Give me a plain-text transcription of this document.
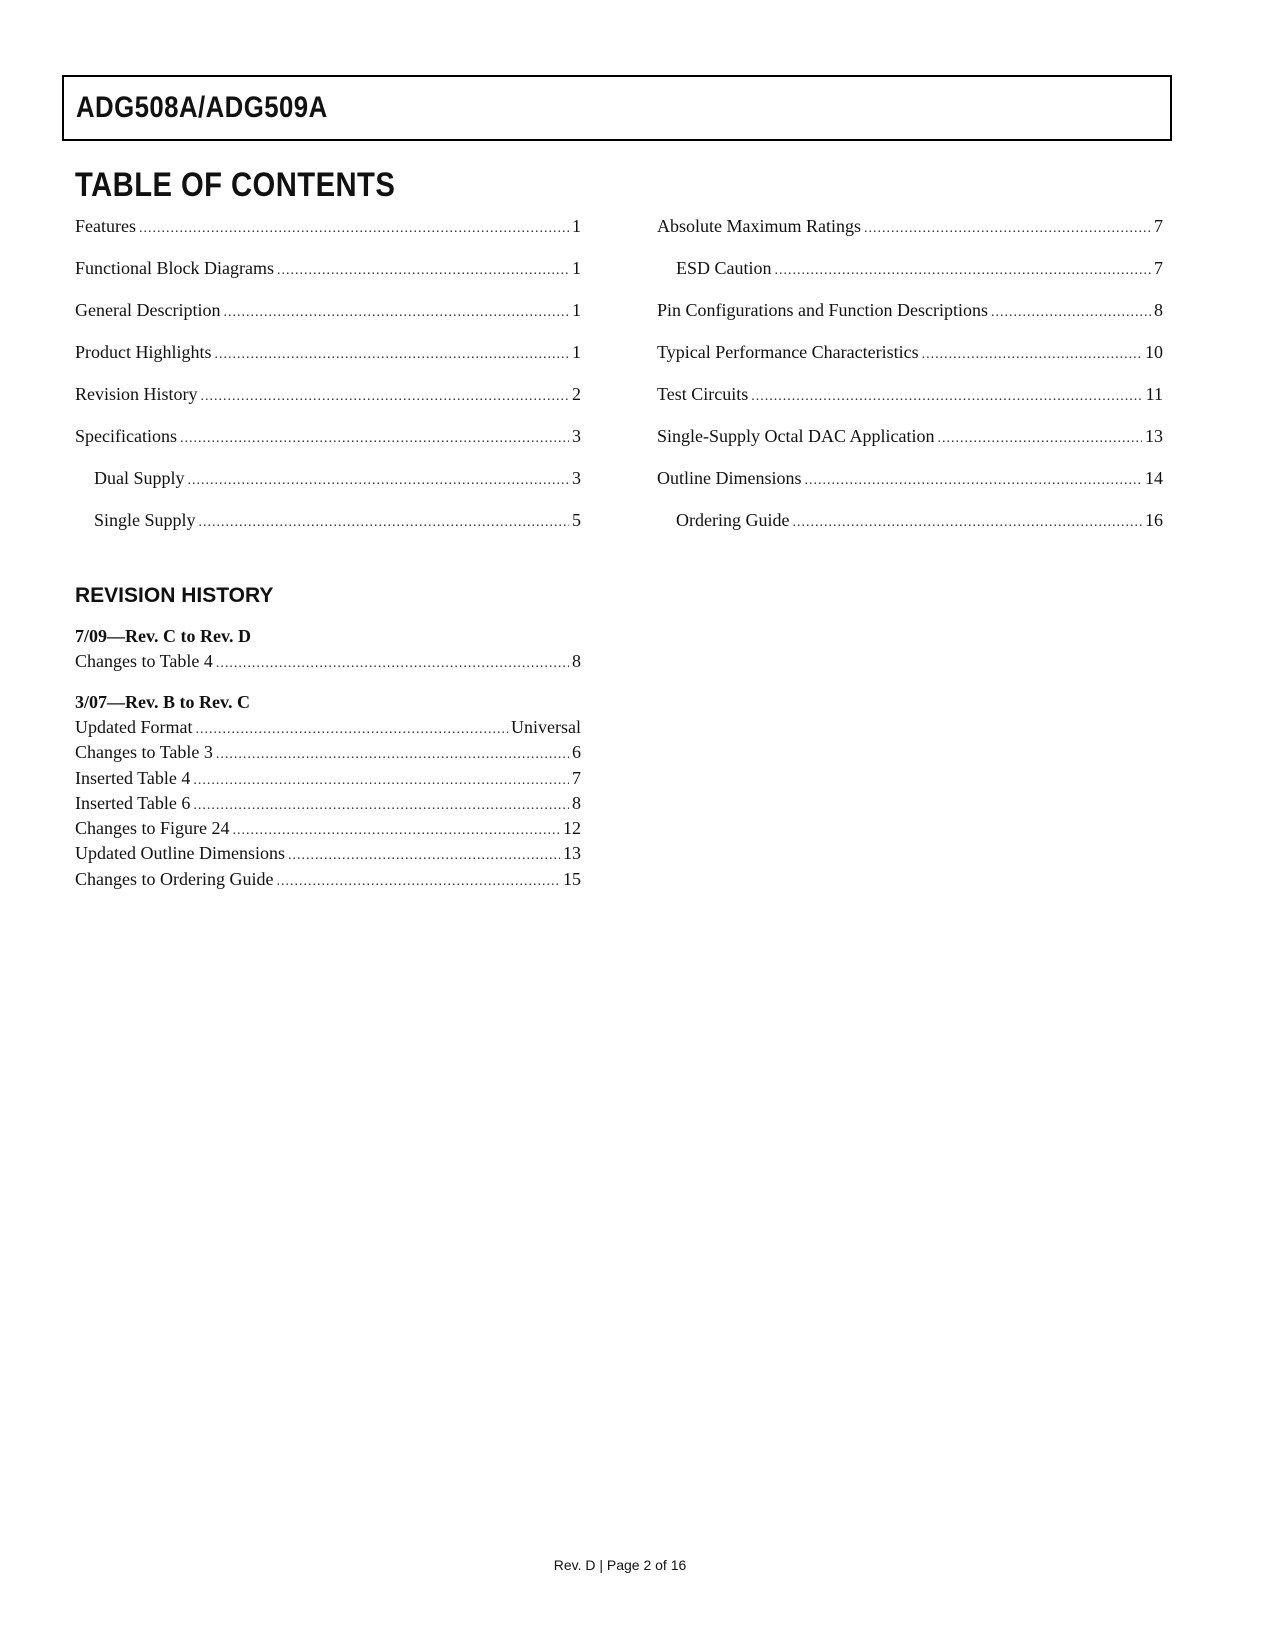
ADG508A/ADG509A
TABLE OF CONTENTS
Features .....	1
Functional Block Diagrams .....	1
General Description .....	1
Product Highlights .....	1
Revision History .....	2
Specifications .....	3
Dual Supply .....	3
Single Supply .....	5
Absolute Maximum Ratings .....	7
ESD Caution .....	7
Pin Configurations and Function Descriptions .....	8
Typical Performance Characteristics .....	10
Test Circuits .....	11
Single-Supply Octal DAC Application .....	13
Outline Dimensions .....	14
Ordering Guide .....	16
REVISION HISTORY
7/09—Rev. C to Rev. D
Changes to Table 4 .....	8
3/07—Rev. B to Rev. C
Updated Format .....	Universal
Changes to Table 3 .....	6
Inserted Table 4 .....	7
Inserted Table 6 .....	8
Changes to Figure 24 .....	12
Updated Outline Dimensions .....	13
Changes to Ordering Guide .....	15
Rev. D | Page 2 of 16
